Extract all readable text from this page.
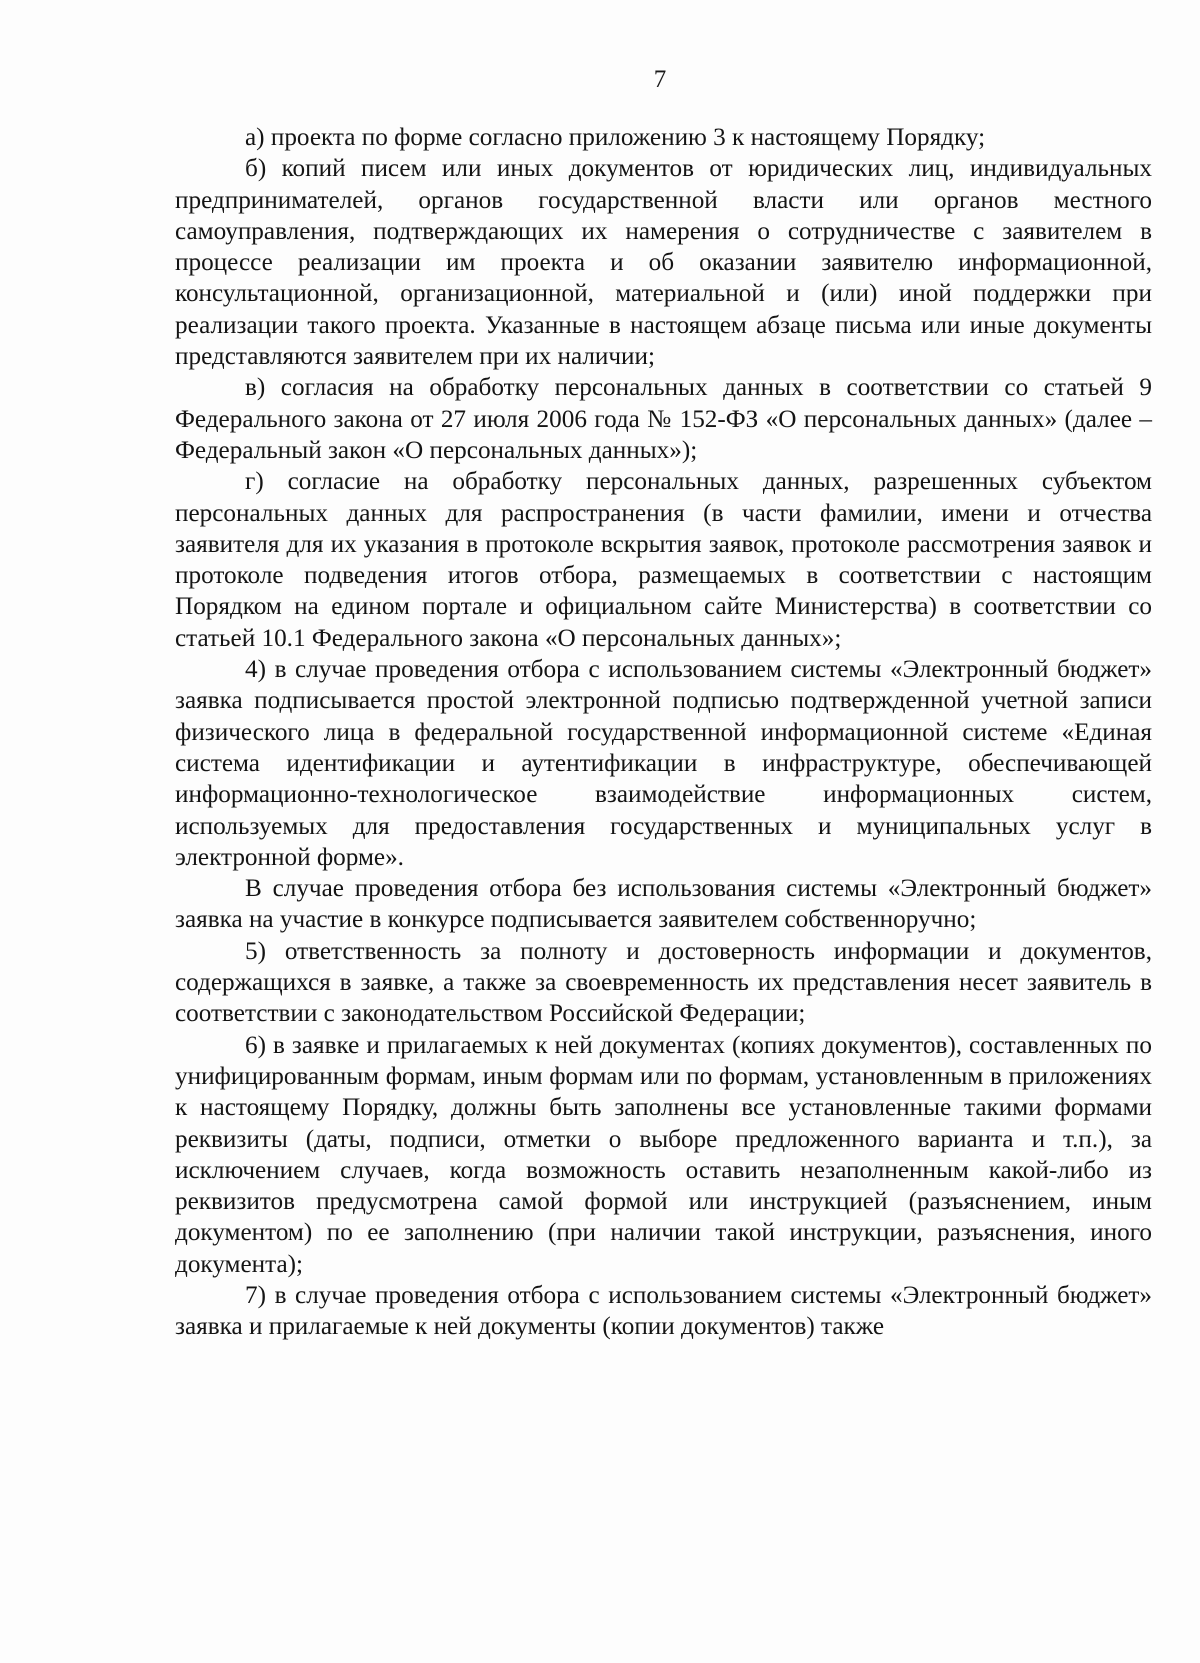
7

а) проекта по форме согласно приложению 3 к настоящему Порядку;

б) копий писем или иных документов от юридических лиц, индивидуальных предпринимателей, органов государственной власти или органов местного самоуправления, подтверждающих их намерения о сотрудничестве с заявителем в процессе реализации им проекта и об оказании заявителю информационной, консультационной, организационной, материальной и (или) иной поддержки при реализации такого проекта. Указанные в настоящем абзаце письма или иные документы представляются заявителем при их наличии;

в) согласия на обработку персональных данных в соответствии со статьей 9 Федерального закона от 27 июля 2006 года № 152-ФЗ «О персональных данных» (далее – Федеральный закон «О персональных данных»);

г) согласие на обработку персональных данных, разрешенных субъектом персональных данных для распространения (в части фамилии, имени и отчества заявителя для их указания в протоколе вскрытия заявок, протоколе рассмотрения заявок и протоколе подведения итогов отбора, размещаемых в соответствии с настоящим Порядком на едином портале и официальном сайте Министерства) в соответствии со статьей 10.1 Федерального закона «О персональных данных»;

4) в случае проведения отбора с использованием системы «Электронный бюджет» заявка подписывается простой электронной подписью подтвержденной учетной записи физического лица в федеральной государственной информационной системе «Единая система идентификации и аутентификации в инфраструктуре, обеспечивающей информационно-технологическое взаимодействие информационных систем, используемых для предоставления государственных и муниципальных услуг в электронной форме».

В случае проведения отбора без использования системы «Электронный бюджет» заявка на участие в конкурсе подписывается заявителем собственноручно;

5) ответственность за полноту и достоверность информации и документов, содержащихся в заявке, а также за своевременность их представления несет заявитель в соответствии с законодательством Российской Федерации;

6) в заявке и прилагаемых к ней документах (копиях документов), составленных по унифицированным формам, иным формам или по формам, установленным в приложениях к настоящему Порядку, должны быть заполнены все установленные такими формами реквизиты (даты, подписи, отметки о выборе предложенного варианта и т.п.), за исключением случаев, когда возможность оставить незаполненным какой-либо из реквизитов предусмотрена самой формой или инструкцией (разъяснением, иным документом) по ее заполнению (при наличии такой инструкции, разъяснения, иного документа);

7) в случае проведения отбора с использованием системы «Электронный бюджет» заявка и прилагаемые к ней документы (копии документов) также
